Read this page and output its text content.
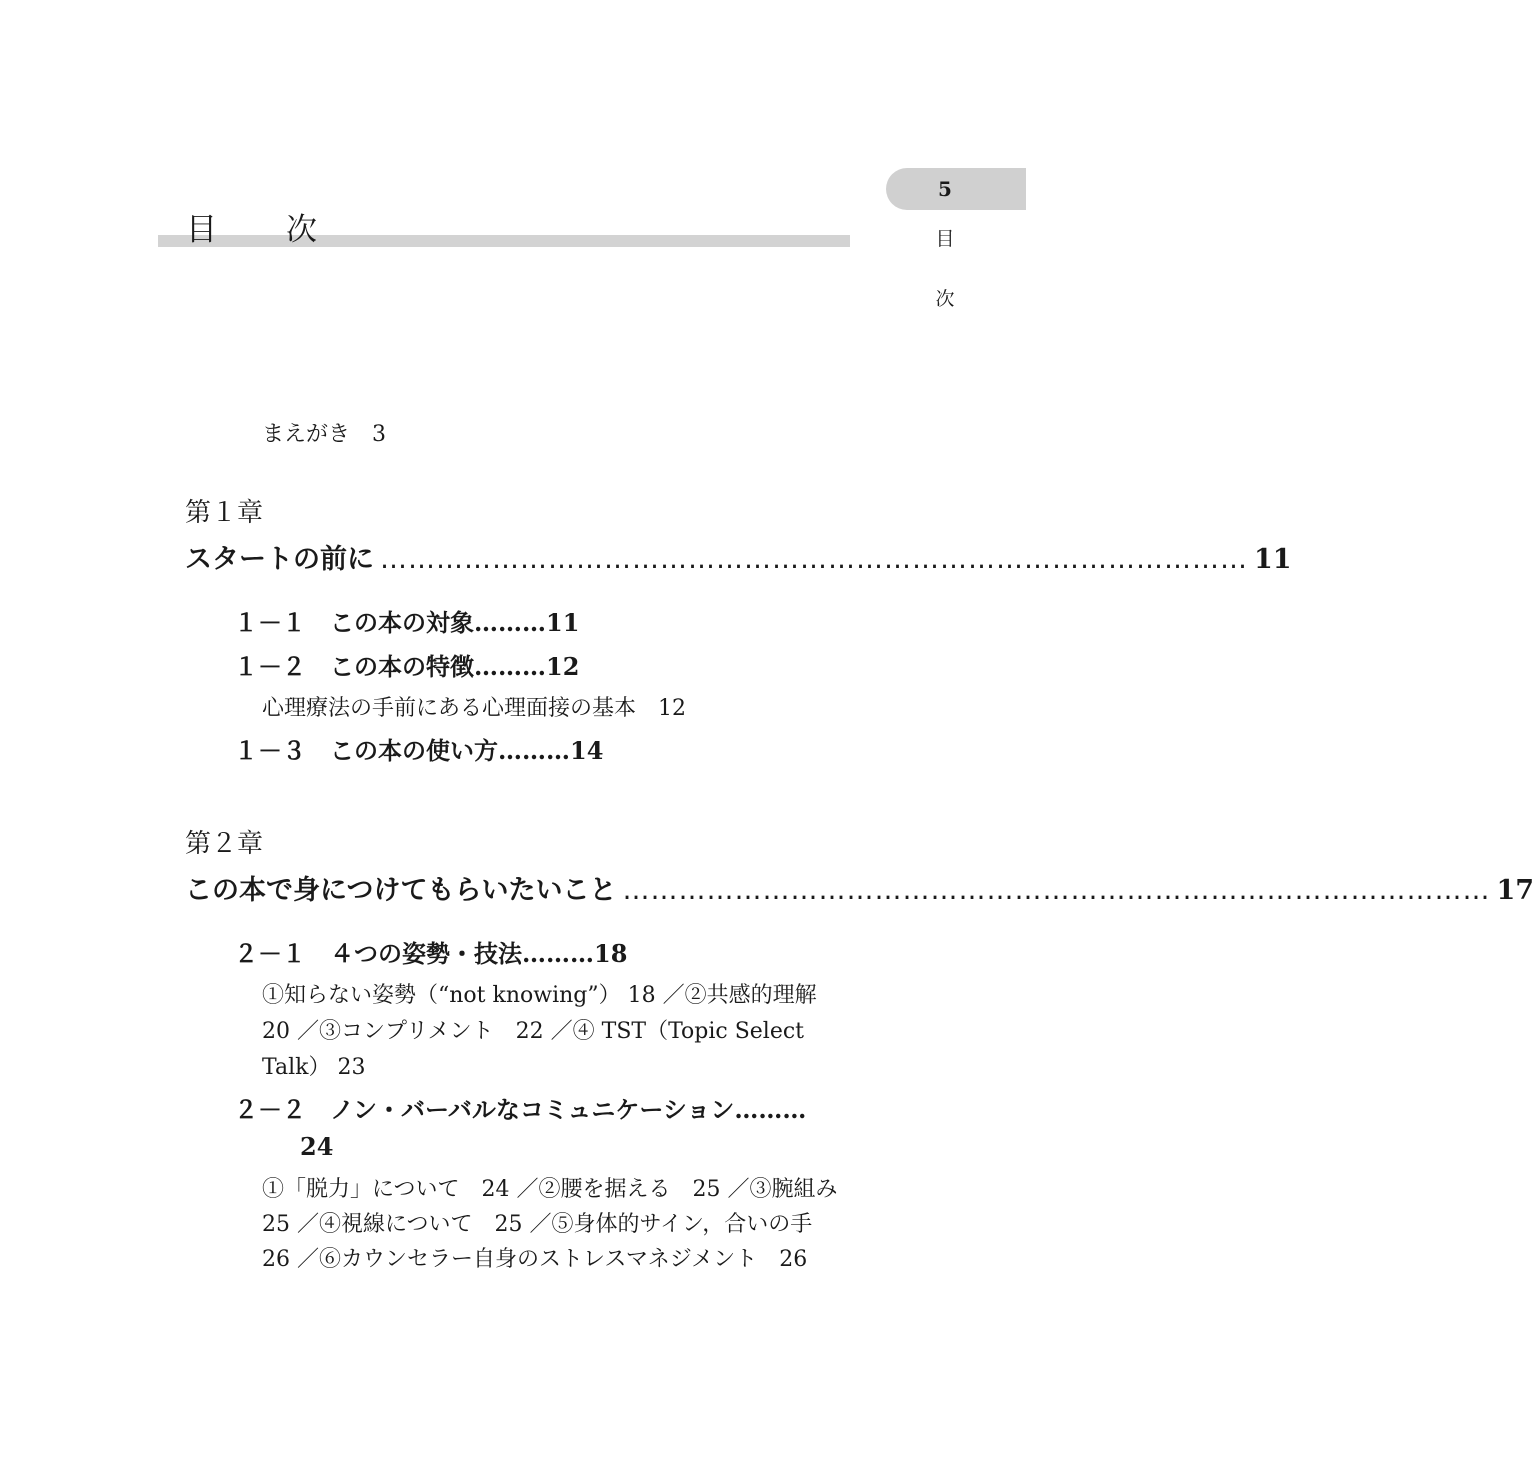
5
目
次
目 次
まえがき　 3
第１章
スタートの前に ………………………………………………………………………………… 11
１－１　 この本の対象………11
１－２　 この本の特徴………12
心理療法の手前にある心理面接の基本　12
１－３　 この本の使い方………14
第２章
この本で身につけてもらいたいこと ………………………………………………………………………………… 17
２－１　 ４つの姿勢・技法………18
①知らない姿勢（“not knowing”） 18 ／②共感的理解
20 ／③コンプリメント　22 ／④ TST（Topic Select
Talk） 23
２－２　 ノン・バーバルなコミュニケーション………
24
①「脱力」について　24 ／②腰を据える　25 ／③腕組み
25 ／④視線について　25 ／⑤身体的サイン，合いの手
26 ／⑥カウンセラー自身のストレスマネジメント　26
